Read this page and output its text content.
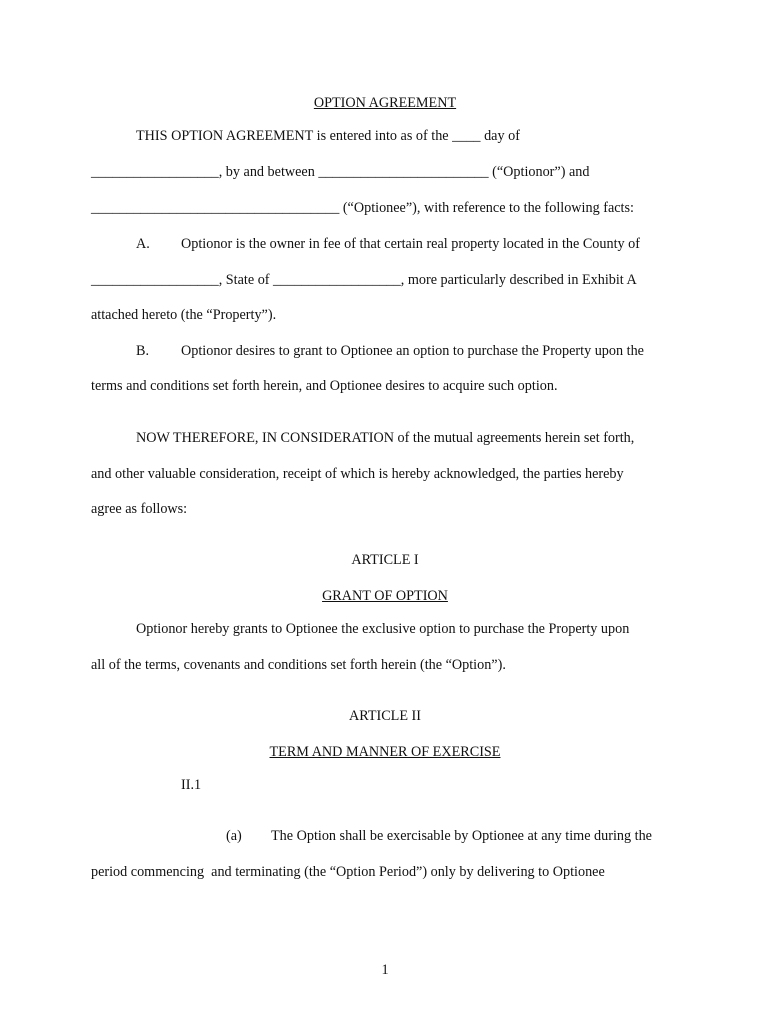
OPTION AGREEMENT
THIS OPTION AGREEMENT is entered into as of the ____ day of
__________________, by and between ________________________ (“Optionor”) and
___________________________________ (“Optionee”), with reference to the following facts:
A. Optionor is the owner in fee of that certain real property located in the County of
__________________, State of __________________, more particularly described in Exhibit A
attached hereto (the “Property”).
B. Optionor desires to grant to Optionee an option to purchase the Property upon the
terms and conditions set forth herein, and Optionee desires to acquire such option.
NOW THEREFORE, IN CONSIDERATION of the mutual agreements herein set forth,
and other valuable consideration, receipt of which is hereby acknowledged, the parties hereby
agree as follows:
ARTICLE I
GRANT OF OPTION
Optionor hereby grants to Optionee the exclusive option to purchase the Property upon
all of the terms, covenants and conditions set forth herein (the “Option”).
ARTICLE II
TERM AND MANNER OF EXERCISE
II.1
(a) The Option shall be exercisable by Optionee at any time during the
period commencing  and terminating (the “Option Period”) only by delivering to Optionee
1
